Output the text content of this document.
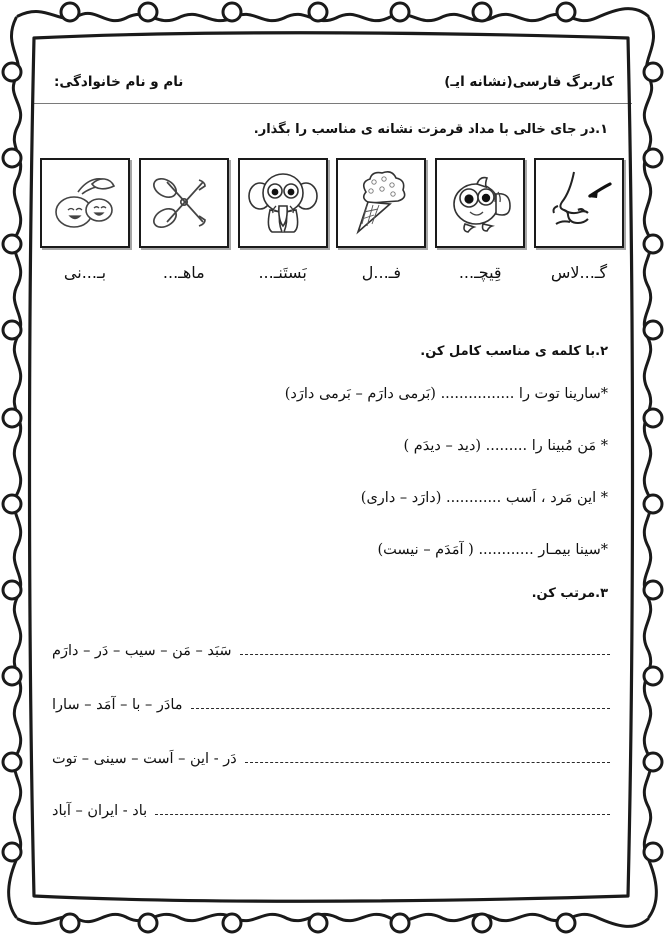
کاربرگ فارسی(نشانه ایـ)
نام و نام خانوادگی:
۱.در جای خالی با مداد قرمزت نشانه ی مناسب را بگذار.
بـ...نی	ماهـ...	بَستَنـ...	فـ...ل	قِیچـ...	گـ...لاس
۲.با کلمه ی مناسب کامل کن.
*سارینا توت را ................ (بَرمی دارَم – بَرمی دارَد)
* مَن مُبینا را ......... (دید – دیدَم )
* این مَرد ، اَسب ............ (دارَد – داری)
*سینا بیمـار ............ ( آمَدَم – نیست)
۳.مرتب کن.
سَبَد – مَن – سیب – دَر – دارَم
مادَر – با – آمَد – سارا
دَر - این – اَست – سینی – توت
باد - ایران – آباد
